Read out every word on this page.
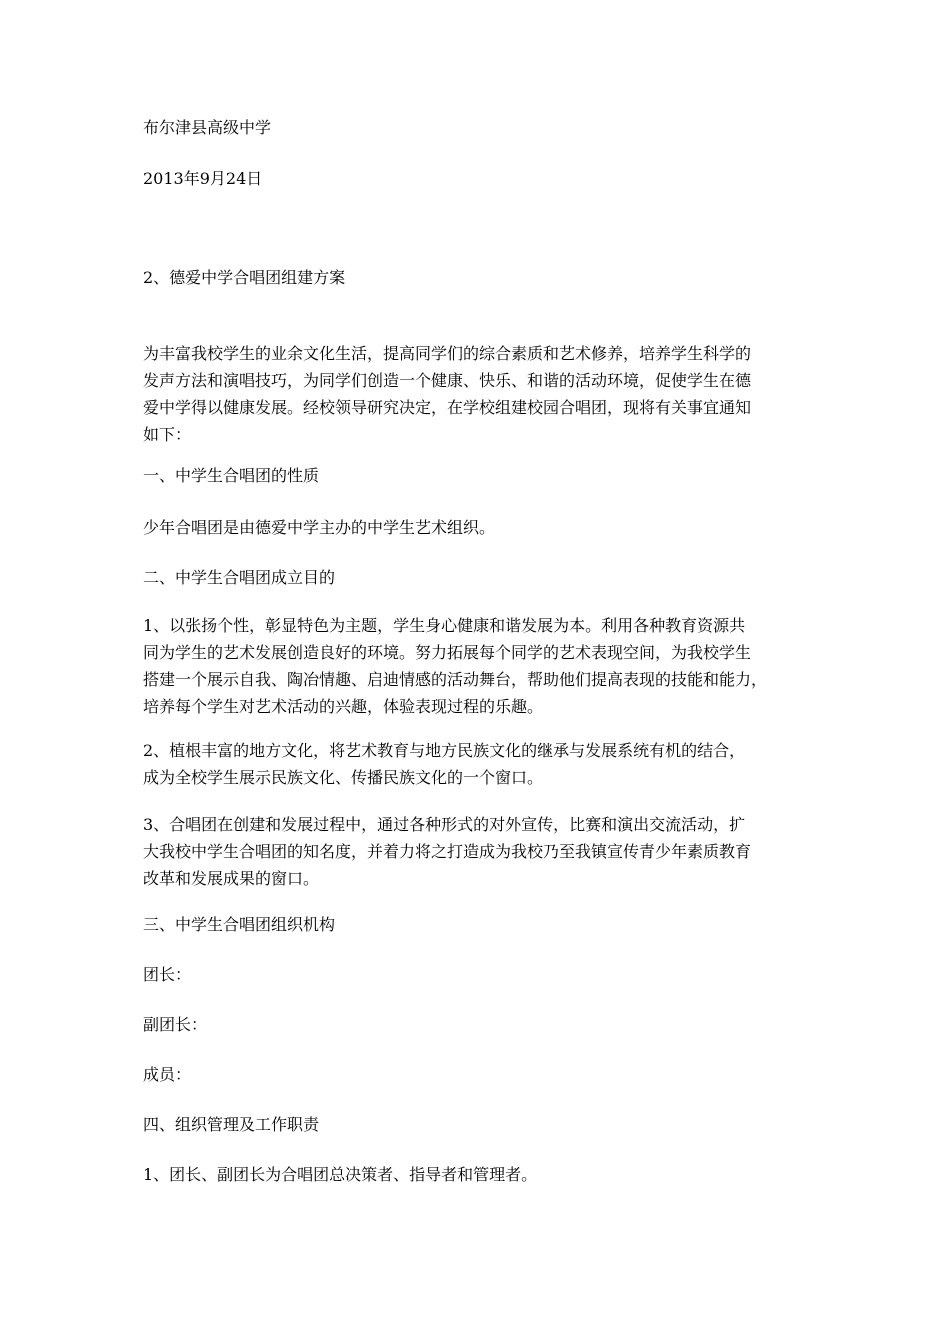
布尔津县高级中学

2013年9月24日

2、德爱中学合唱团组建方案

为丰富我校学生的业余文化生活，提高同学们的综合素质和艺术修养，培养学生科学的
发声方法和演唱技巧，为同学们创造一个健康、快乐、和谐的活动环境，促使学生在德
爱中学得以健康发展。经校领导研究决定，在学校组建校园合唱团，现将有关事宜通知
如下：

一、中学生合唱团的性质

少年合唱团是由德爱中学主办的中学生艺术组织。

二、中学生合唱团成立目的

1、以张扬个性，彰显特色为主题，学生身心健康和谐发展为本。利用各种教育资源共
同为学生的艺术发展创造良好的环境。努力拓展每个同学的艺术表现空间，为我校学生
搭建一个展示自我、陶冶情趣、启迪情感的活动舞台，帮助他们提高表现的技能和能力，
培养每个学生对艺术活动的兴趣，体验表现过程的乐趣。
2、植根丰富的地方文化，将艺术教育与地方民族文化的继承与发展系统有机的结合，
成为全校学生展示民族文化、传播民族文化的一个窗口。
3、合唱团在创建和发展过程中，通过各种形式的对外宣传，比赛和演出交流活动，扩
大我校中学生合唱团的知名度，并着力将之打造成为我校乃至我镇宣传青少年素质教育
改革和发展成果的窗口。

三、中学生合唱团组织机构

团长：

副团长：

成员：

四、组织管理及工作职责

1、团长、副团长为合唱团总决策者、指导者和管理者。
